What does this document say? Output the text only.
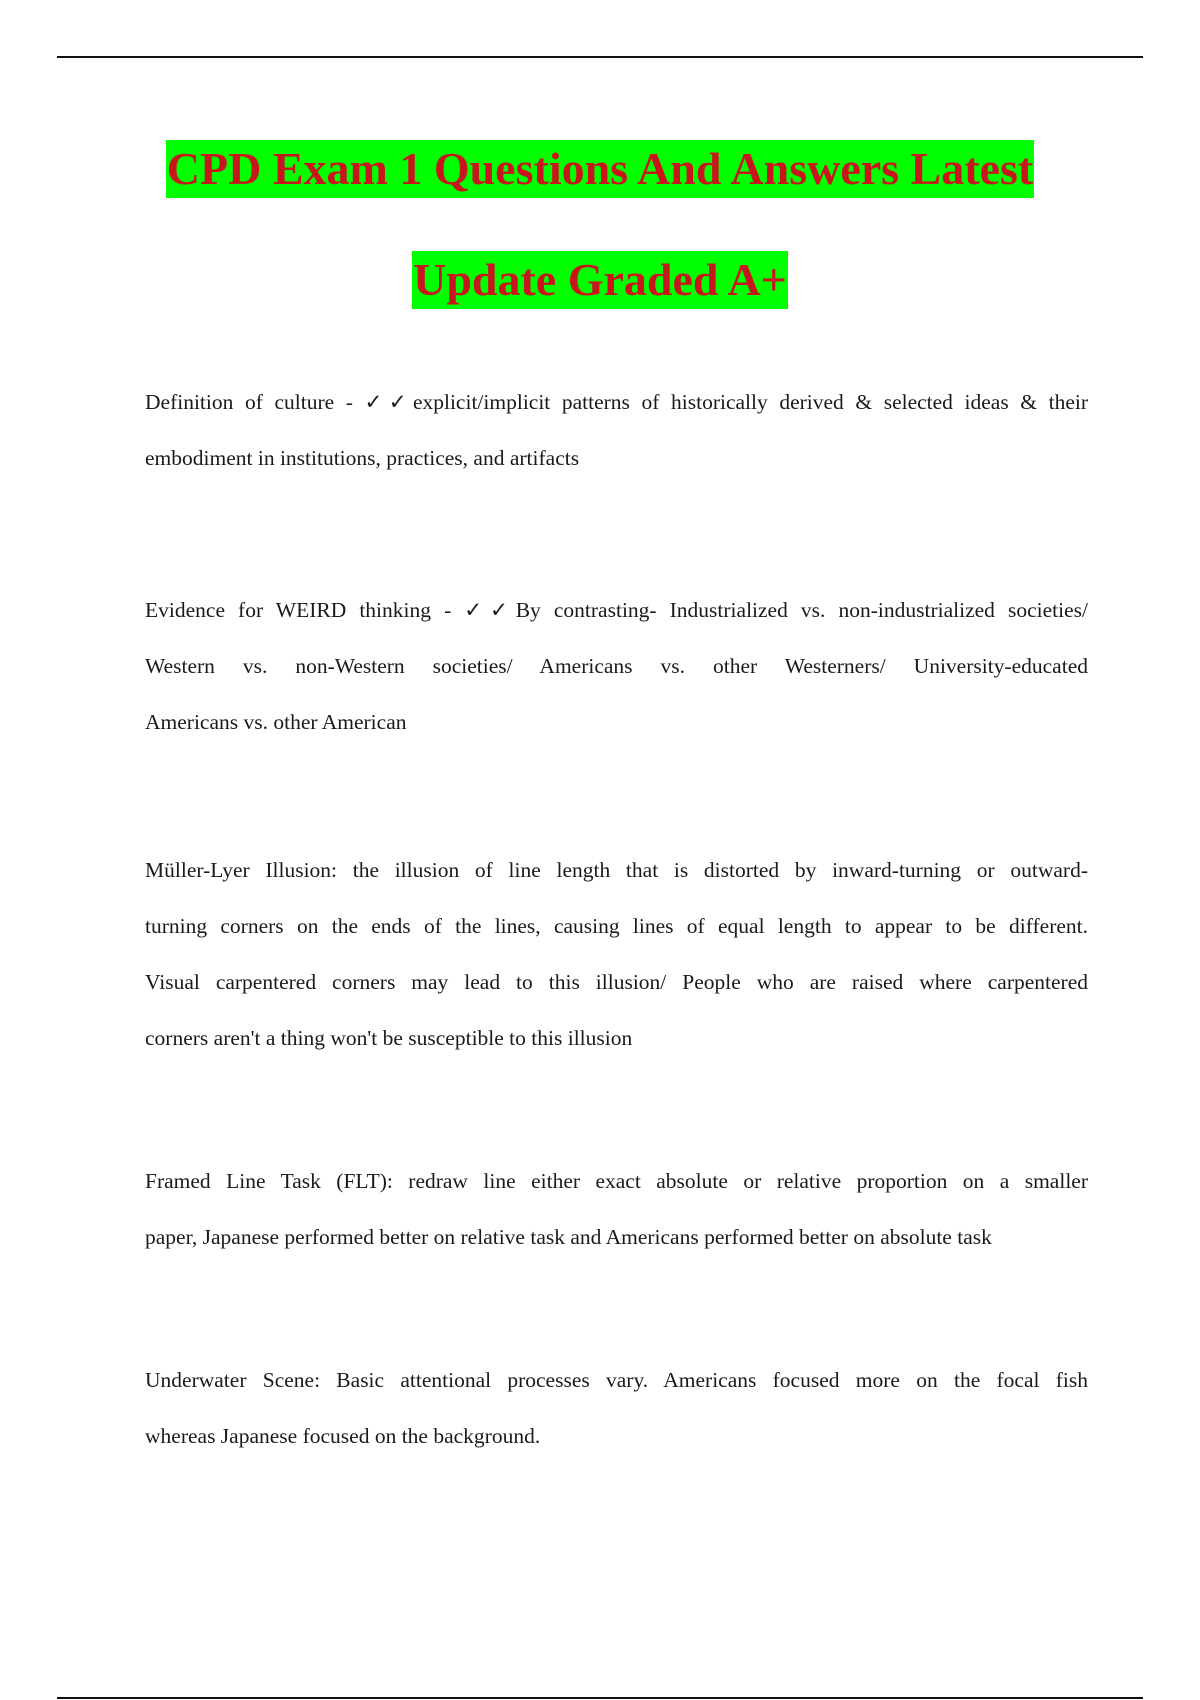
CPD Exam 1 Questions And Answers Latest
Update Graded A+
Definition of culture - ✓✓explicit/implicit patterns of historically derived & selected ideas & their
embodiment in institutions, practices, and artifacts
Evidence for WEIRD thinking - ✓✓By contrasting- Industrialized vs. non-industrialized societies/
Western vs. non-Western societies/ Americans vs. other Westerners/ University-educated
Americans vs. other American
Müller-Lyer Illusion: the illusion of line length that is distorted by inward-turning or outward-
turning corners on the ends of the lines, causing lines of equal length to appear to be different.
Visual carpentered corners may lead to this illusion/ People who are raised where carpentered
corners aren't a thing won't be susceptible to this illusion
Framed Line Task (FLT): redraw line either exact absolute or relative proportion on a smaller
paper, Japanese performed better on relative task and Americans performed better on absolute task
Underwater Scene: Basic attentional processes vary. Americans focused more on the focal fish
whereas Japanese focused on the background.
